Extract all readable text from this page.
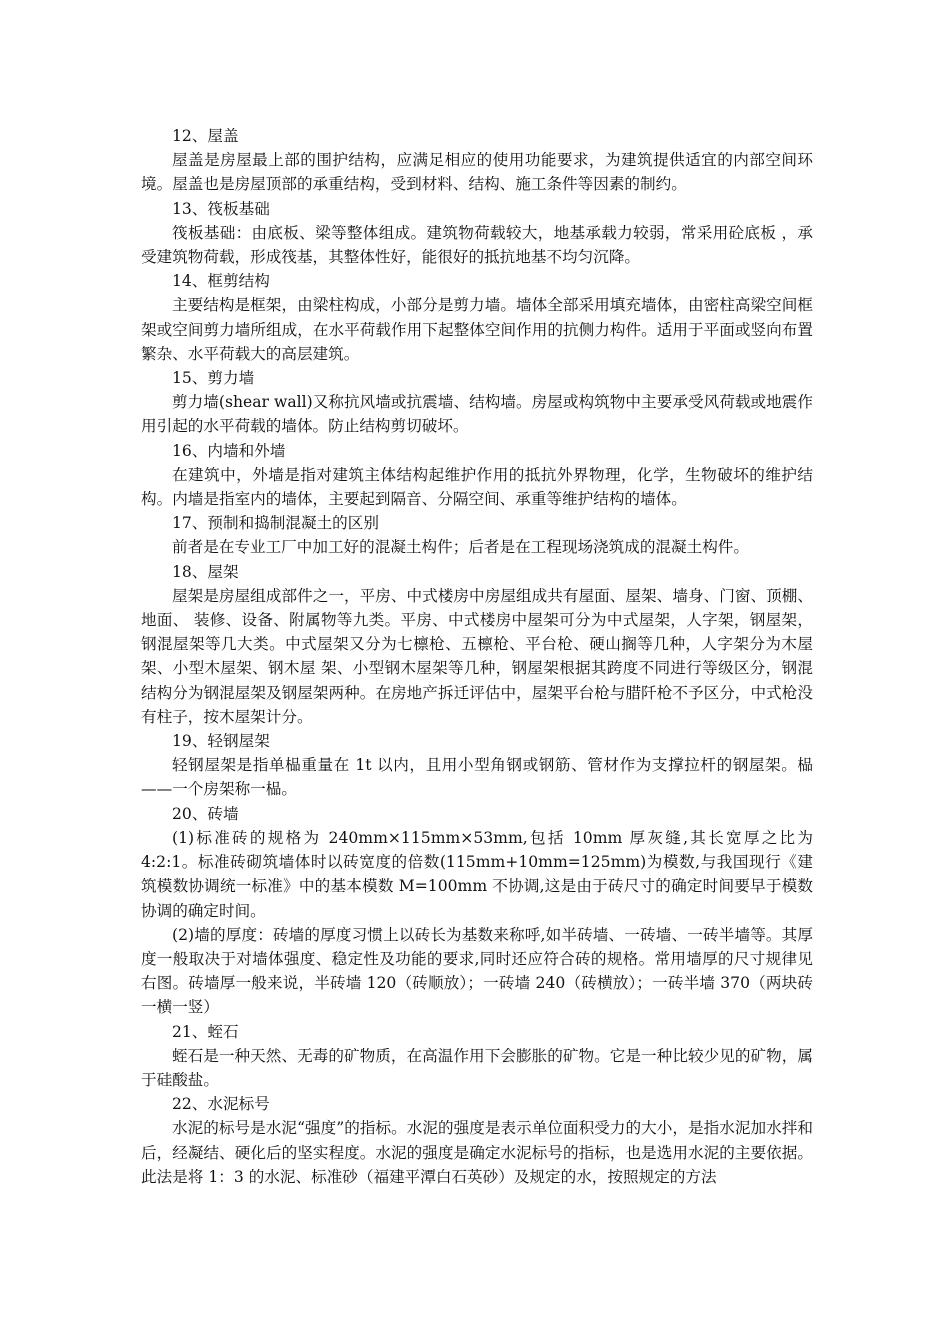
12、屋盖

屋盖是房屋最上部的围护结构，应满足相应的使用功能要求，为建筑提供适宜的内部空间环境。屋盖也是房屋顶部的承重结构，受到材料、结构、施工条件等因素的制约。

13、筏板基础

筏板基础：由底板、梁等整体组成。建筑物荷载较大，地基承载力较弱，常采用砼底板 ，承受建筑物荷载，形成筏基，其整体性好，能很好的抵抗地基不均匀沉降。

14、框剪结构

主要结构是框架，由梁柱构成，小部分是剪力墙。墙体全部采用填充墙体，由密柱高梁空间框架或空间剪力墙所组成，在水平荷载作用下起整体空间作用的抗侧力构件。适用于平面或竖向布置繁杂、水平荷载大的高层建筑。

15、剪力墙

剪力墙(shear wall)又称抗风墙或抗震墙、结构墙。房屋或构筑物中主要承受风荷载或地震作用引起的水平荷载的墙体。防止结构剪切破坏。

16、内墙和外墙

在建筑中，外墙是指对建筑主体结构起维护作用的抵抗外界物理，化学，生物破坏的维护结构。内墙是指室内的墙体，主要起到隔音、分隔空间、承重等维护结构的墙体。

17、预制和捣制混凝土的区别

前者是在专业工厂中加工好的混凝土构件；后者是在工程现场浇筑成的混凝土构件。

18、屋架

屋架是房屋组成部件之一，平房、中式楼房中房屋组成共有屋面、屋架、墙身、门窗、顶棚、地面、 装修、设备、附属物等九类。平房、中式楼房中屋架可分为中式屋架，人字架，钢屋架，钢混屋架等几大类。中式屋架又分为七檩枪、五檩枪、平台枪、硬山搁等几种，人字架分为木屋架、小型木屋架、钢木屋 架、小型钢木屋架等几种，钢屋架根据其跨度不同进行等级区分，钢混结构分为钢混屋架及钢屋架两种。在房地产拆迁评估中，屋架平台枪与腊阡枪不予区分，中式枪没有柱子，按木屋架计分。

19、轻钢屋架

轻钢屋架是指单榀重量在 1t 以内，且用小型角钢或钢筋、管材作为支撑拉杆的钢屋架。榀——一个房架称一榀。

20、砖墙

(1)标准砖的规格为 240mm×115mm×53mm,包括 10mm 厚灰缝,其长宽厚之比为 4:2:1。标准砖砌筑墙体时以砖宽度的倍数(115mm+10mm=125mm)为模数,与我国现行《建筑模数协调统一标准》中的基本模数 M=100mm 不协调,这是由于砖尺寸的确定时间要早于模数协调的确定时间。

(2)墙的厚度：砖墙的厚度习惯上以砖长为基数来称呼,如半砖墙、一砖墙、一砖半墙等。其厚度一般取决于对墙体强度、稳定性及功能的要求,同时还应符合砖的规格。常用墙厚的尺寸规律见右图。砖墙厚一般来说，半砖墙 120（砖顺放）；一砖墙 240（砖横放）；一砖半墙 370（两块砖一横一竖）

21、蛭石

蛭石是一种天然、无毒的矿物质，在高温作用下会膨胀的矿物。它是一种比较少见的矿物，属于硅酸盐。

22、水泥标号

水泥的标号是水泥“强度”的指标。水泥的强度是表示单位面积受力的大小，是指水泥加水拌和后，经凝结、硬化后的坚实程度。水泥的强度是确定水泥标号的指标，也是选用水泥的主要依据。此法是将 1：3 的水泥、标准砂（福建平潭白石英砂）及规定的水，按照规定的方法
